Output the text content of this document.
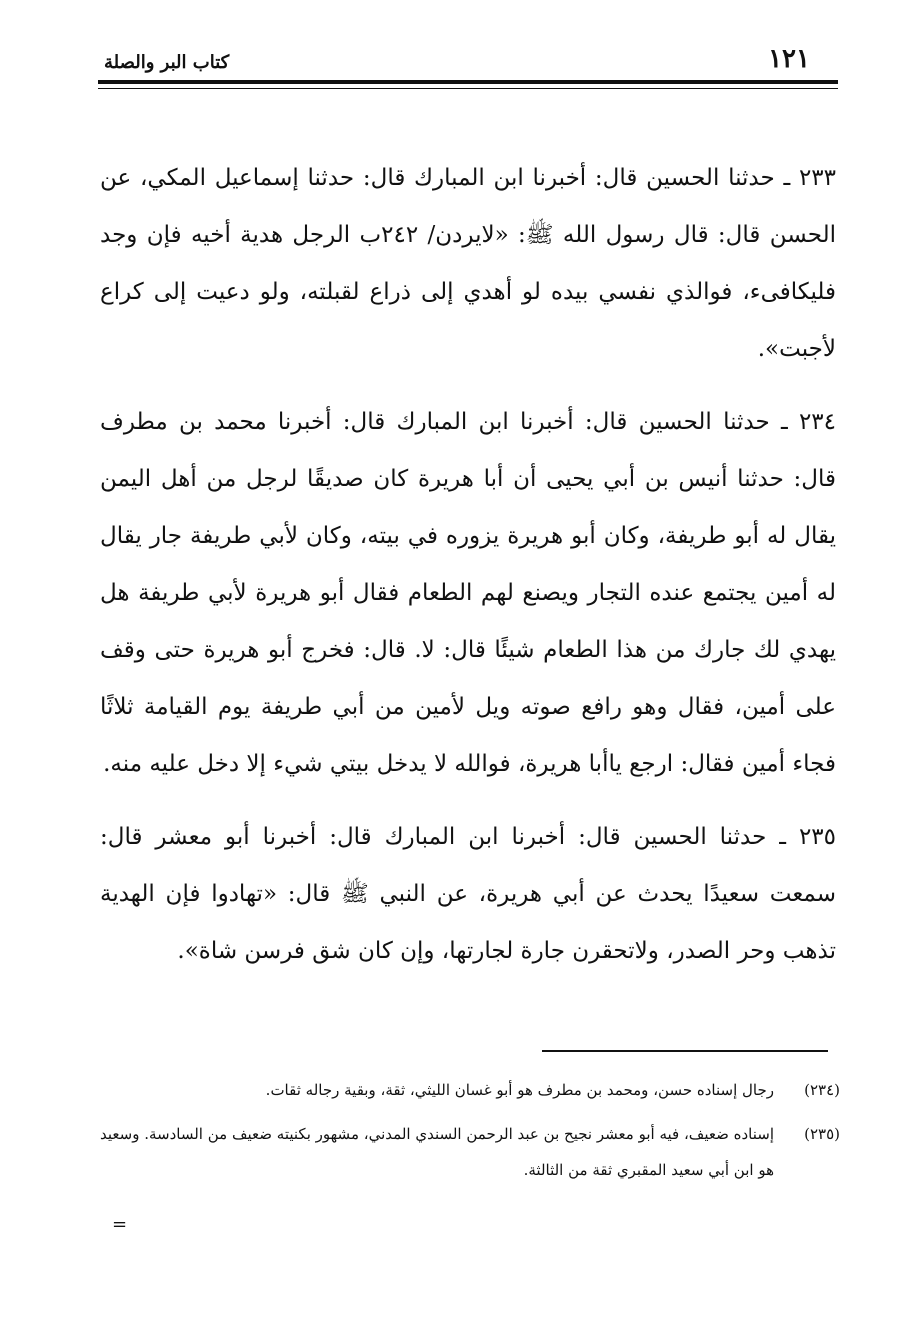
١٢١
كتاب البر والصلة

٢٣٣ ـ حدثنا الحسين قال: أخبرنا ابن المبارك قال: حدثنا إسماعيل المكي، عن الحسن قال: قال رسول الله ﷺ: «لايردن/ ٢٤٢ب الرجل هدية أخيه فإن وجد فليكافىء، فوالذي نفسي بيده لو أهدي إلى ذراع لقبلته، ولو دعيت إلى كراع لأجبت».

٢٣٤ ـ حدثنا الحسين قال: أخبرنا ابن المبارك قال: أخبرنا محمد بن مطرف قال: حدثنا أنيس بن أبي يحيى أن أبا هريرة كان صديقًا لرجل من أهل اليمن يقال له أبو طريفة، وكان أبو هريرة يزوره في بيته، وكان لأبي طريفة جار يقال له أمين يجتمع عنده التجار ويصنع لهم الطعام فقال أبو هريرة لأبي طريفة هل يهدي لك جارك من هذا الطعام شيئًا قال: لا. قال: فخرج أبو هريرة حتى وقف على أمين، فقال وهو رافع صوته ويل لأمين من أبي طريفة يوم القيامة ثلاثًا فجاء أمين فقال: ارجع ياأبا هريرة، فوالله لا يدخل بيتي شيء إلا دخل عليه منه.

٢٣٥ ـ حدثنا الحسين قال: أخبرنا ابن المبارك قال: أخبرنا أبو معشر قال: سمعت سعيدًا يحدث عن أبي هريرة، عن النبي ﷺ قال: «تهادوا فإن الهدية تذهب وحر الصدر، ولاتحقرن جارة لجارتها، وإن كان شق فرسن شاة».

(٢٣٤)
رجال إسناده حسن، ومحمد بن مطرف هو أبو غسان الليثي، ثقة، وبقية رجاله ثقات.
(٢٣٥)
إسناده ضعيف، فيه أبو معشر نجيح بن عبد الرحمن السندي المدني، مشهور بكنيته ضعيف من السادسة. وسعيد هو ابن أبي سعيد المقبري ثقة من الثالثة.
=
